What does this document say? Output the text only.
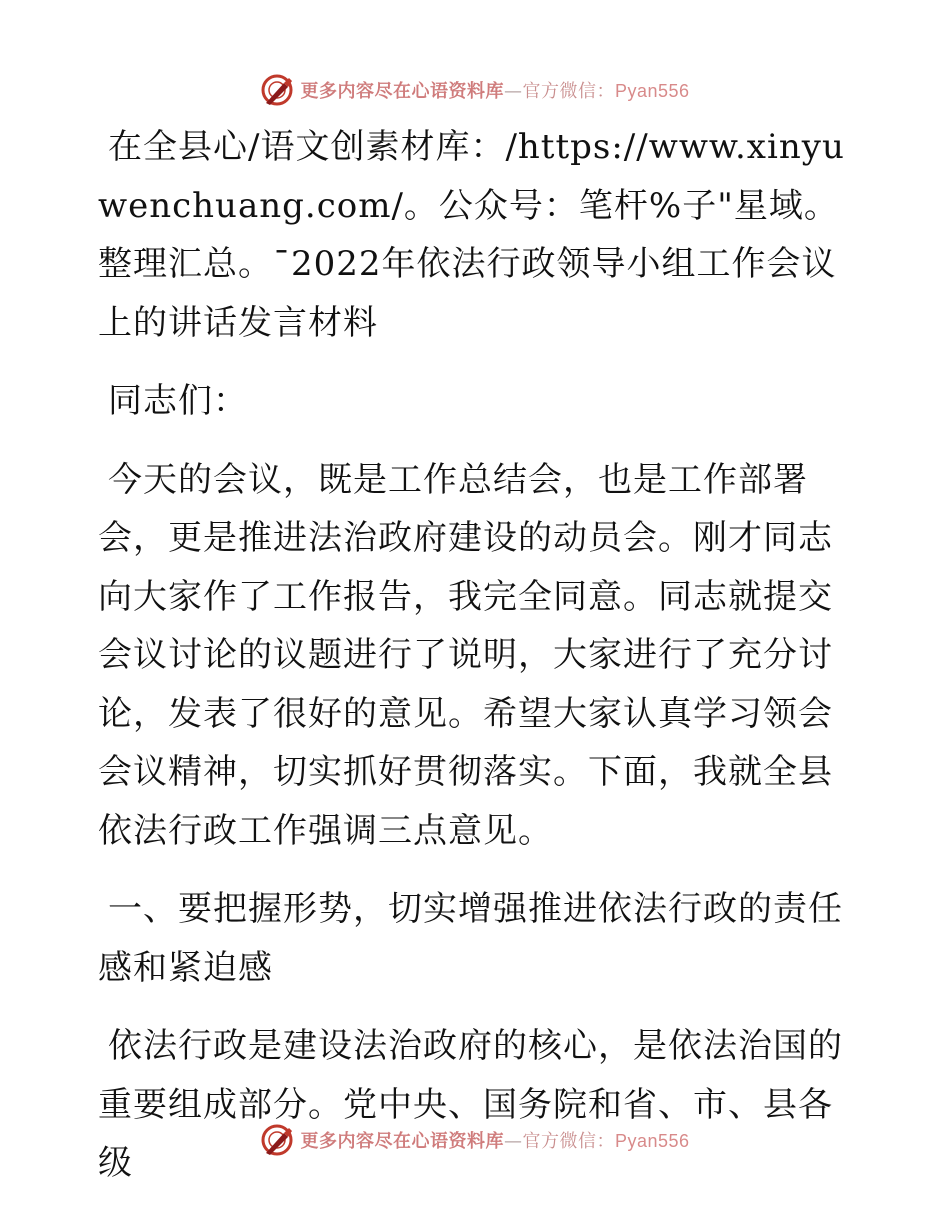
更多内容尽在心语资料库—官方微信：Pyan556

在全县心/语文创素材库：/https://www.xinyuwenchuang.com/。公众号：笔杆%子"星域。整理汇总。¯2022年依法行政领导小组工作会议上的讲话发言材料

同志们：

今天的会议，既是工作总结会，也是工作部署会，更是推进法治政府建设的动员会。刚才同志向大家作了工作报告，我完全同意。同志就提交会议讨论的议题进行了说明，大家进行了充分讨论，发表了很好的意见。希望大家认真学习领会会议精神，切实抓好贯彻落实。下面，我就全县依法行政工作强调三点意见。

一、要把握形势，切实增强推进依法行政的责任感和紧迫感

依法行政是建设法治政府的核心，是依法治国的重要组成部分。党中央、国务院和省、市、县各级

更多内容尽在心语资料库—官方微信：Pyan556
